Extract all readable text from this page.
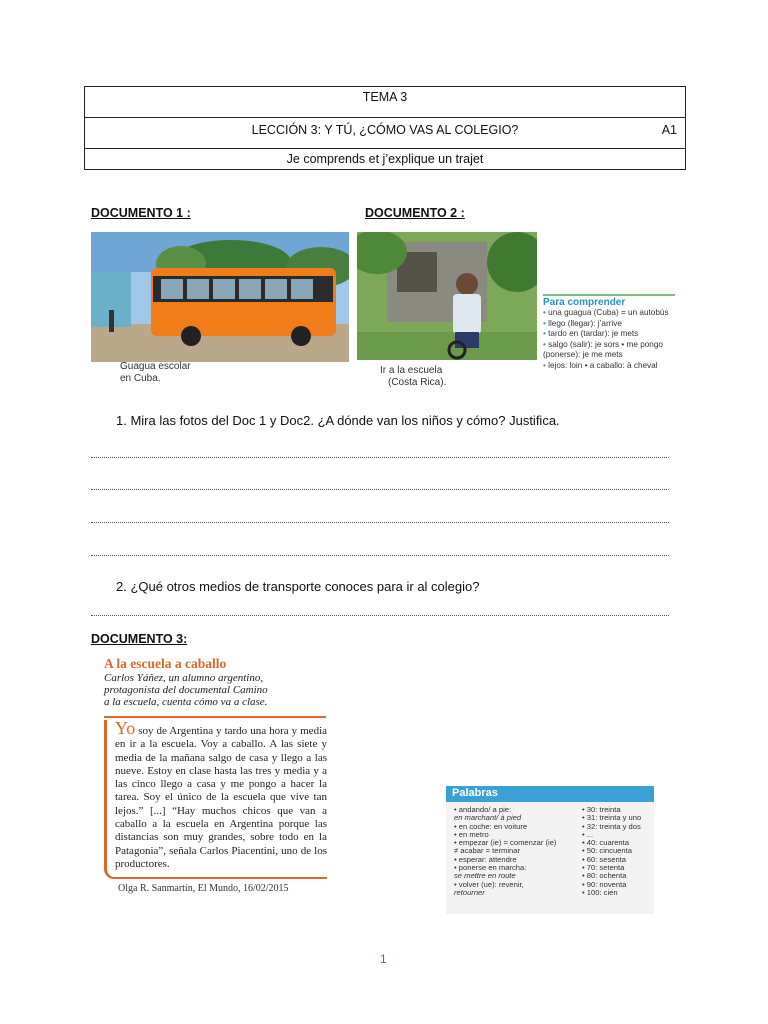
TEMA 3
LECCIÓN 3: Y TÚ, ¿CÓMO VAS AL COLEGIO?	A1
Je comprends et j’explique un trajet
DOCUMENTO 1 :	DOCUMENTO 2 :
Guagua escolar
en Cuba.
Ir a la escuela
(Costa Rica).
Para comprender
• una guagua (Cuba) = un autobús
• llego (llegar): j’arrive
• tardo en (tardar): je mets
• salgo (salir): je sors • me pongo
(ponerse): je me mets
• lejos: loin • a caballo: à cheval
1. Mira las fotos del Doc 1 y Doc2. ¿A dónde van los niños y cómo? Justifica.
2. ¿Qué otros medios de transporte conoces para ir al colegio?
DOCUMENTO 3:
A la escuela a caballo
Carlos Yáñez, un alumno argentino,
protagonista del documental Camino
a la escuela, cuenta cómo va a clase.
Yo soy de Argentina y tardo una hora y media en ir a la escuela. Voy a caballo. A las siete y media de la mañana salgo de casa y llego a las nueve. Estoy en clase hasta las tres y media y a las cinco llego a casa y me pongo a hacer la tarea. Soy el único de la escuela que vive tan lejos.” [...] “Hay muchos chicos que van a caballo a la escuela en Argentina porque las distancias son muy grandes, sobre todo en la Patagonia”, señala Carlos Piacentini, uno de los productores.
Olga R. Sanmartín, El Mundo, 16/02/2015
Palabras
• andando/ a pie:
en marchant/ à pied
• en coche: en voiture
• en metro
• empezar (ie) = comenzar (ie)
≠ acabar = terminar
• esperar: attendre
• ponerse en marcha:
se mettre en route
• volver (ue): revenir,
retourner
• 30: treinta
• 31: treinta y uno
• 32: treinta y dos
• ...
• 40: cuarenta
• 50: cincuenta
• 60: sesenta
• 70: setenta
• 80: ochenta
• 90: noventa
• 100: cien
1
